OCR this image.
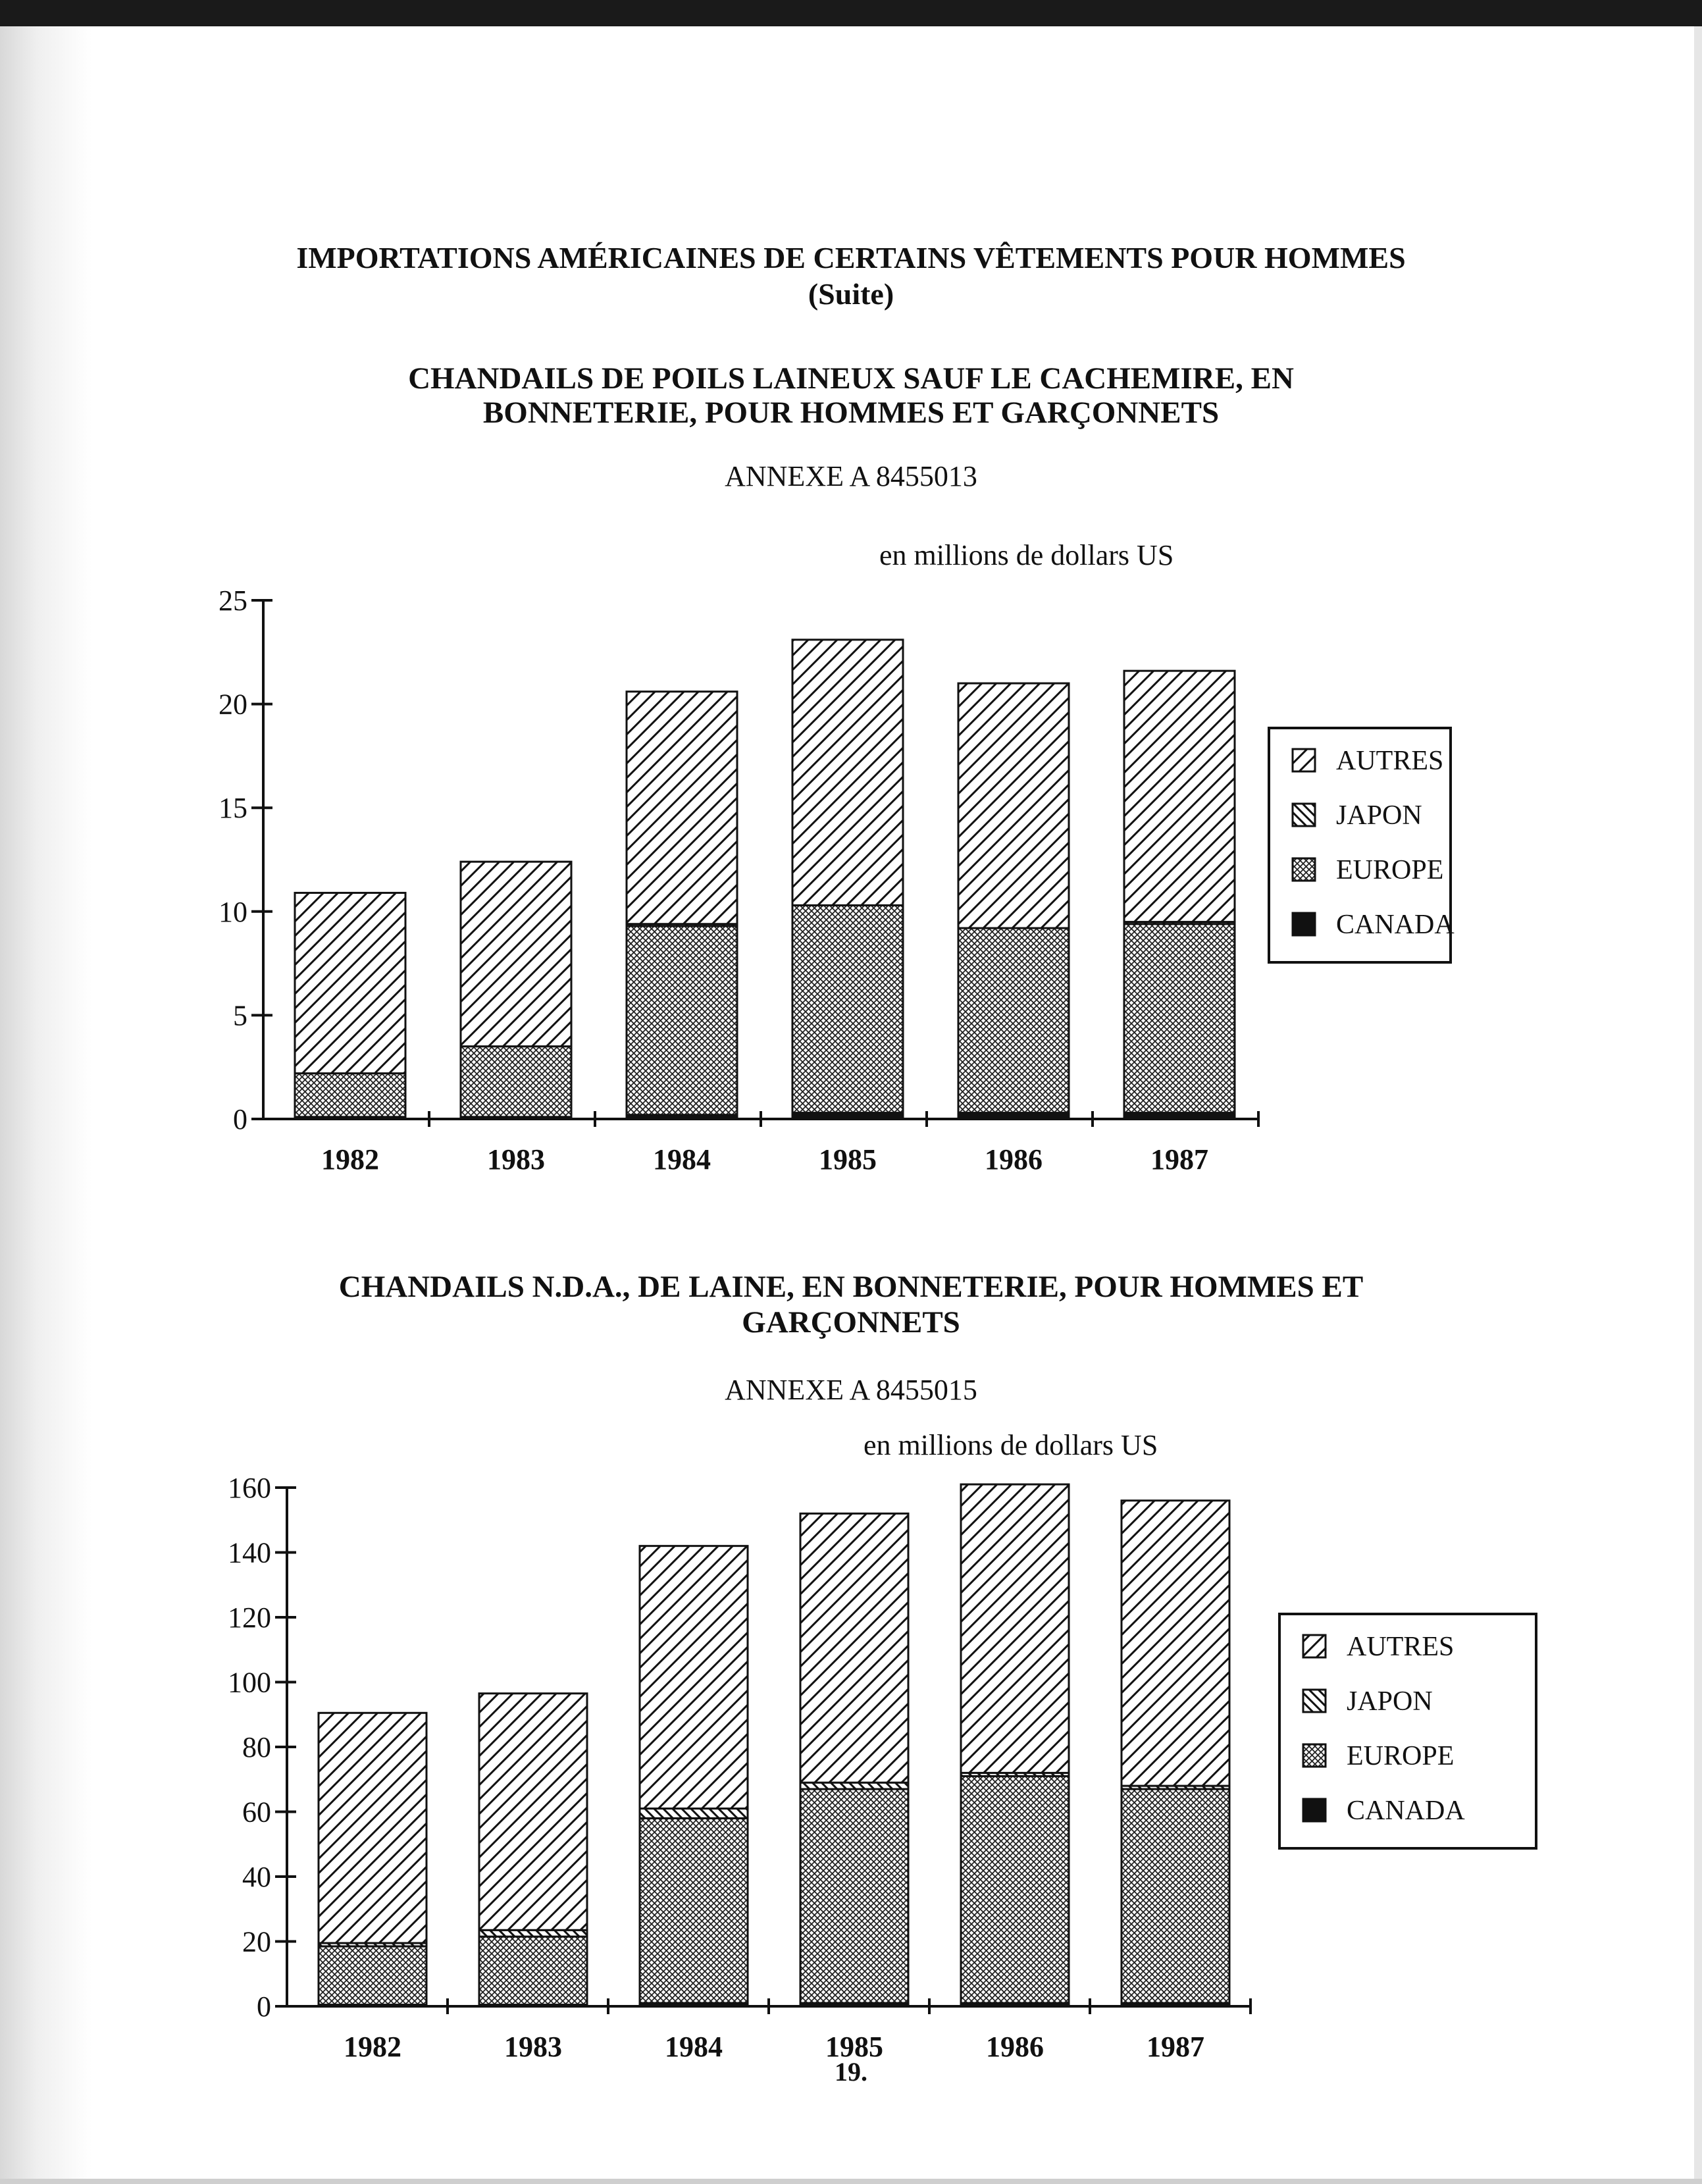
IMPORTATIONS AMÉRICAINES DE CERTAINS VÊTEMENTS POUR HOMMES
(Suite)
CHANDAILS DE POILS LAINEUX SAUF LE CACHEMIRE, EN
BONNETERIE, POUR HOMMES ET GARÇONNETS
ANNEXE A 8455013
en millions de dollars US
0
5
10
15
20
25
1982	1983	1984	1985	1986	1987
AUTRES
JAPON
EUROPE
CANADA
CHANDAILS N.D.A., DE LAINE, EN BONNETERIE, POUR HOMMES ET
GARÇONNETS
ANNEXE A 8455015
en millions de dollars US
0
20
40
60
80
100
120
140
160
1982	1983	1984	1985	1986	1987
AUTRES
JAPON
EUROPE
CANADA
19.
